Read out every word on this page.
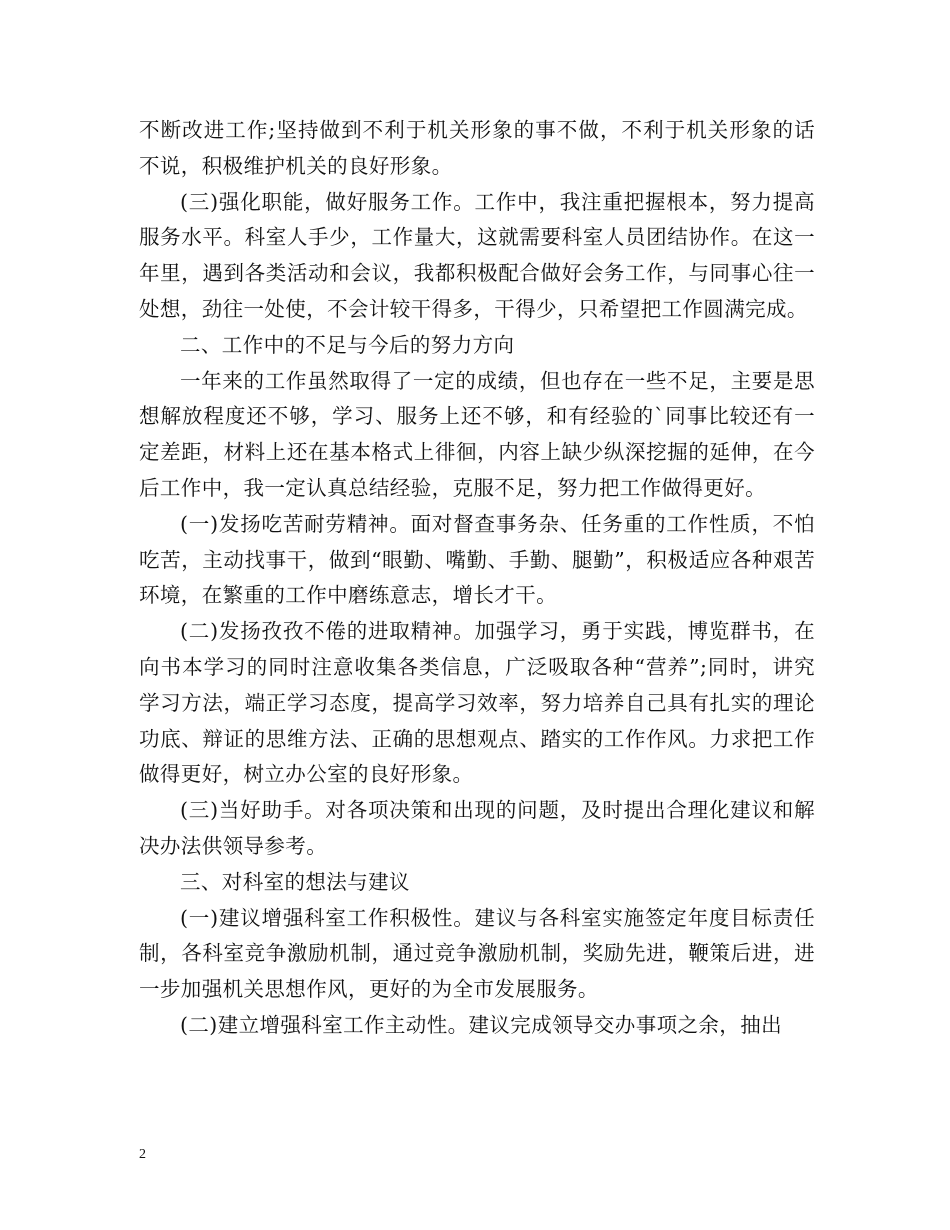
不断改进工作;坚持做到不利于机关形象的事不做，不利于机关形象的话不说，积极维护机关的良好形象。

(三)强化职能，做好服务工作。工作中，我注重把握根本，努力提高服务水平。科室人手少，工作量大，这就需要科室人员团结协作。在这一年里，遇到各类活动和会议，我都积极配合做好会务工作，与同事心往一处想，劲往一处使，不会计较干得多，干得少，只希望把工作圆满完成。

二、工作中的不足与今后的努力方向

一年来的工作虽然取得了一定的成绩，但也存在一些不足，主要是思想解放程度还不够，学习、服务上还不够，和有经验的`同事比较还有一定差距，材料上还在基本格式上徘徊，内容上缺少纵深挖掘的延伸，在今后工作中，我一定认真总结经验，克服不足，努力把工作做得更好。

(一)发扬吃苦耐劳精神。面对督查事务杂、任务重的工作性质，不怕吃苦，主动找事干，做到“眼勤、嘴勤、手勤、腿勤”，积极适应各种艰苦环境，在繁重的工作中磨练意志，增长才干。

(二)发扬孜孜不倦的进取精神。加强学习，勇于实践，博览群书，在向书本学习的同时注意收集各类信息，广泛吸取各种“营养”;同时，讲究学习方法，端正学习态度，提高学习效率，努力培养自己具有扎实的理论功底、辩证的思维方法、正确的思想观点、踏实的工作作风。力求把工作做得更好，树立办公室的良好形象。

(三)当好助手。对各项决策和出现的问题，及时提出合理化建议和解决办法供领导参考。

三、对科室的想法与建议

(一)建议增强科室工作积极性。建议与各科室实施签定年度目标责任制，各科室竞争激励机制，通过竞争激励机制，奖励先进，鞭策后进，进一步加强机关思想作风，更好的为全市发展服务。

(二)建立增强科室工作主动性。建议完成领导交办事项之余，抽出

2
